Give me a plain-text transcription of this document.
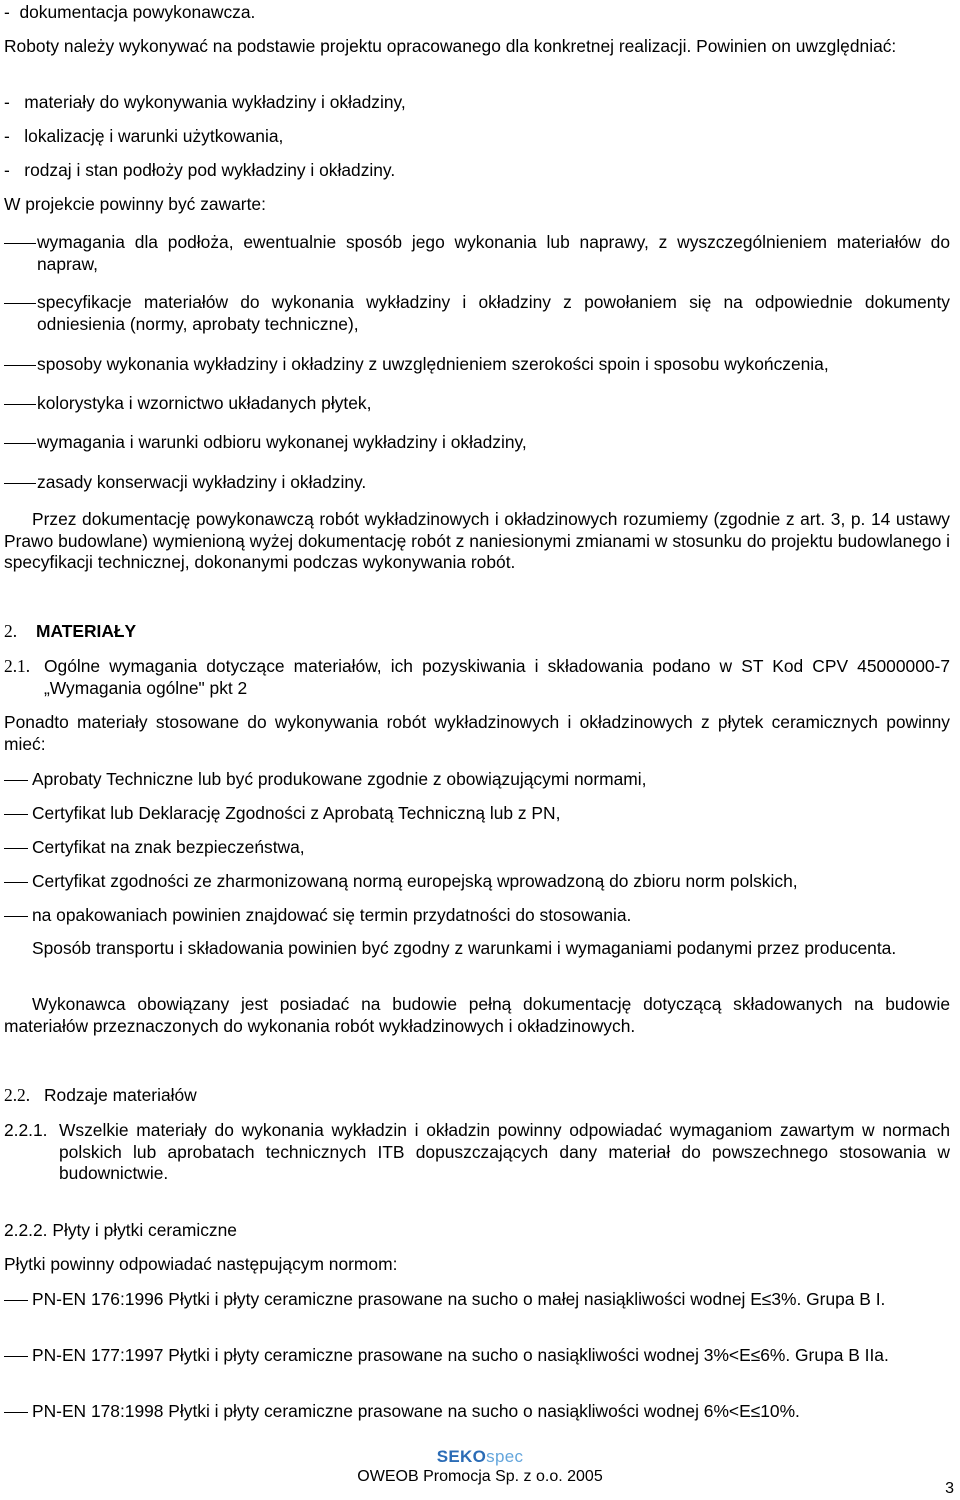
-  dokumentacja powykonawcza.
Roboty należy wykonywać na podstawie projektu opracowanego dla konkretnej realizacji. Powinien on uwzględniać:
-   materiały do wykonywania wykładziny i okładziny,
-   lokalizację i warunki użytkowania,
-   rodzaj i stan podłoży pod wykładziny i okładziny.
W projekcie powinny być zawarte:
wymagania dla podłoża, ewentualnie sposób jego wykonania lub naprawy, z wyszczególnieniem materiałów do napraw,
specyfikacje materiałów do wykonania wykładziny i okładziny z powołaniem się na odpowiednie dokumenty odniesienia (normy, aprobaty techniczne),
sposoby wykonania wykładziny i okładziny z uwzględnieniem szerokości spoin i sposobu wykończenia,
kolorystyka i wzornictwo układanych płytek,
wymagania i warunki odbioru wykonanej wykładziny i okładziny,
zasady konserwacji wykładziny i okładziny.
Przez dokumentację powykonawczą robót wykładzinowych i okładzinowych rozumiemy (zgodnie z art. 3, p. 14 ustawy Prawo budowlane) wymienioną wyżej dokumentację robót z naniesionymi zmianami w stosunku do projektu budowlanego i specyfikacji technicznej, dokonanymi podczas wykonywania robót.
2. MATERIAŁY
2.1. Ogólne wymagania dotyczące materiałów, ich pozyskiwania i składowania podano w ST Kod CPV 45000000-7 „Wymagania ogólne" pkt 2
Ponadto materiały stosowane do wykonywania robót wykładzinowych i okładzinowych z płytek ceramicznych powinny mieć:
Aprobaty Techniczne lub być produkowane zgodnie z obowiązującymi normami,
Certyfikat lub Deklarację Zgodności z Aprobatą Techniczną lub z PN,
Certyfikat na znak bezpieczeństwa,
Certyfikat zgodności ze zharmonizowaną normą europejską wprowadzoną do zbioru norm polskich,
na opakowaniach powinien znajdować się termin przydatności do stosowania.
Sposób transportu i składowania powinien być zgodny z warunkami i wymaganiami podanymi przez producenta.
Wykonawca obowiązany jest posiadać na budowie pełną dokumentację dotyczącą składowanych na budowie materiałów przeznaczonych do wykonania robót wykładzinowych i okładzinowych.
2.2. Rodzaje materiałów
2.2.1. Wszelkie materiały do wykonania wykładzin i okładzin powinny odpowiadać wymaganiom zawartym w normach polskich lub aprobatach technicznych ITB dopuszczających dany materiał do powszechnego stosowania w budownictwie.
2.2.2. Płyty i płytki ceramiczne
Płytki powinny odpowiadać następującym normom:
PN-EN 176:1996 Płytki i płyty ceramiczne prasowane na sucho o małej nasiąkliwości wodnej E≤3%. Grupa B I.
PN-EN 177:1997 Płytki i płyty ceramiczne prasowane na sucho o nasiąkliwości wodnej 3%<E≤6%. Grupa B IIa.
PN-EN 178:1998 Płytki i płyty ceramiczne prasowane na sucho o nasiąkliwości wodnej 6%<E≤10%.
SEKOspec
OWEOB Promocja Sp. z o.o. 2005
3
